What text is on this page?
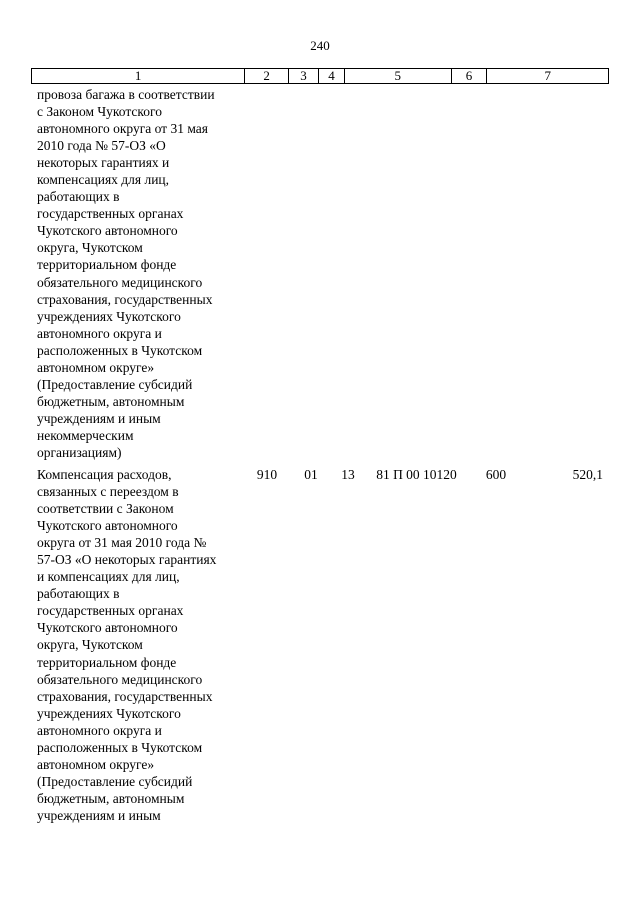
240
1	2	3	4	5	6	7
провоза багажа в соответствии
с Законом Чукотского
автономного округа от 31 мая
2010 года № 57-ОЗ «О
некоторых гарантиях и
компенсациях для лиц,
работающих в
государственных органах
Чукотского автономного
округа, Чукотском
территориальном фонде
обязательного медицинского
страхования, государственных
учреждениях Чукотского
автономного округа и
расположенных в Чукотском
автономном округе»
(Предоставление субсидий
бюджетным, автономным
учреждениям и иным
некоммерческим
организациям)
Компенсация расходов,
связанных с переездом в
соответствии с Законом
Чукотского автономного
округа от 31 мая 2010 года №
57-ОЗ «О некоторых гарантиях
и компенсациях для лиц,
работающих в
государственных органах
Чукотского автономного
округа, Чукотском
территориальном фонде
обязательного медицинского
страхования, государственных
учреждениях Чукотского
автономного округа и
расположенных в Чукотском
автономном округе»
(Предоставление субсидий
бюджетным, автономным
учреждениям и иным
910	01	13	81 П 00 10120	600	520,1
